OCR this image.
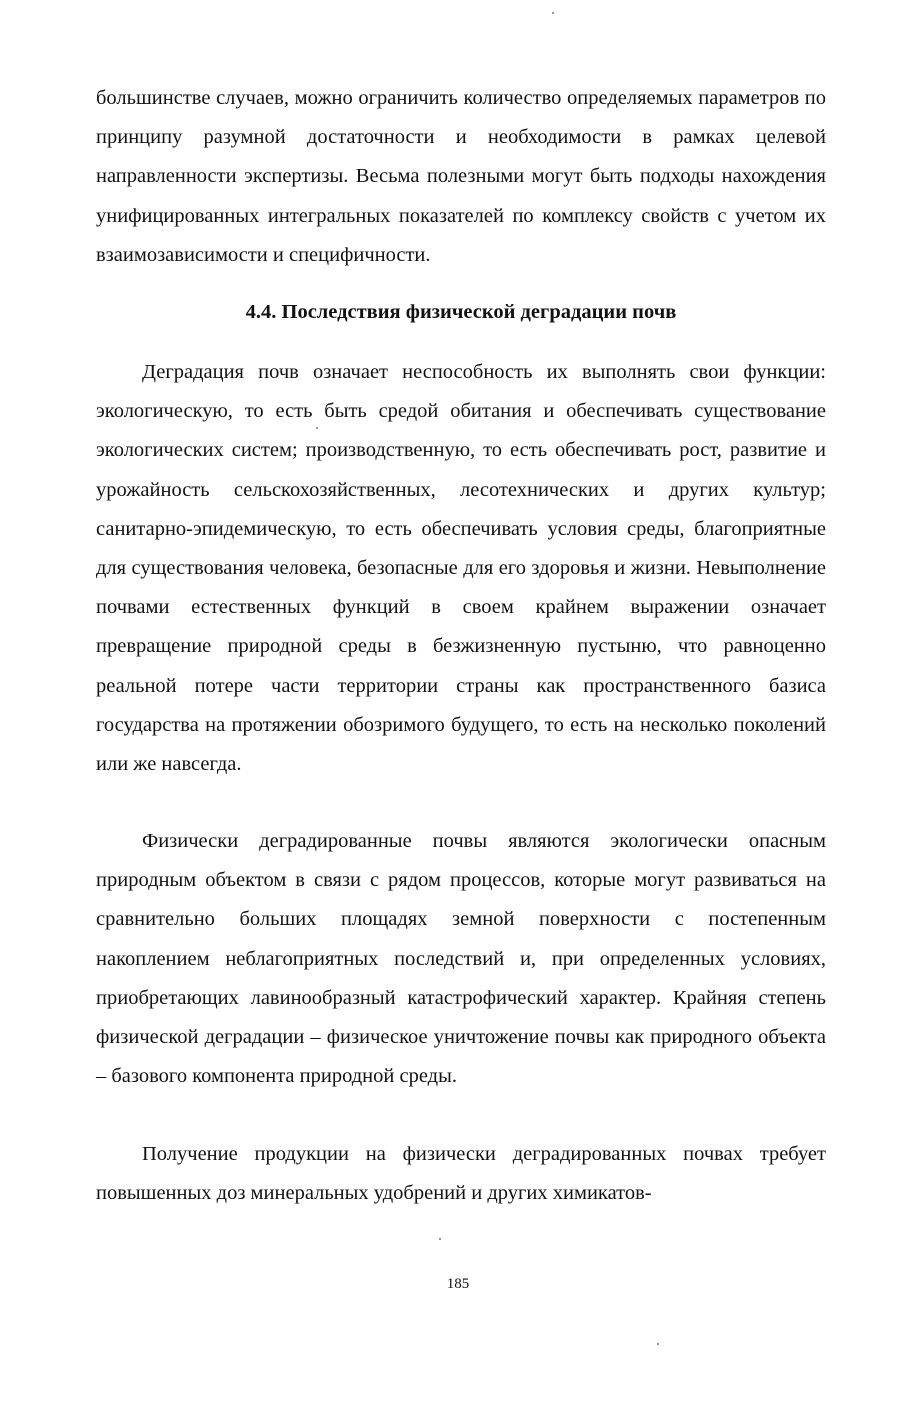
большинстве случаев, можно ограничить количество определяемых параметров по принципу разумной достаточности и необходимости в рамках целевой направленности экспертизы. Весьма полезными могут быть подходы нахождения унифицированных интегральных показателей по комплексу свойств с учетом их взаимозависимости и специфичности.

4.4. Последствия физической деградации почв

Деградация почв означает неспособность их выполнять свои функции: экологическую, то есть быть средой обитания и обеспечивать существование экологических систем; производственную, то есть обеспечивать рост, развитие и урожайность сельскохозяйственных, лесотехнических и других культур; санитарно-эпидемическую, то есть обеспечивать условия среды, благоприятные для существования человека, безопасные для его здоровья и жизни. Невыполнение почвами естественных функций в своем крайнем выражении означает превращение природной среды в безжизненную пустыню, что равноценно реальной потере части территории страны как пространственного базиса государства на протяжении обозримого будущего, то есть на несколько поколений или же навсегда.

Физически деградированные почвы являются экологически опасным природным объектом в связи с рядом процессов, которые могут развиваться на сравнительно больших площадях земной поверхности с постепенным накоплением неблагоприятных последствий и, при определенных условиях, приобретающих лавинообразный катастрофический характер. Крайняя степень физической деградации – физическое уничтожение почвы как природного объекта – базового компонента природной среды.

Получение продукции на физически деградированных почвах требует повышенных доз минеральных удобрений и других химикатов-

185
